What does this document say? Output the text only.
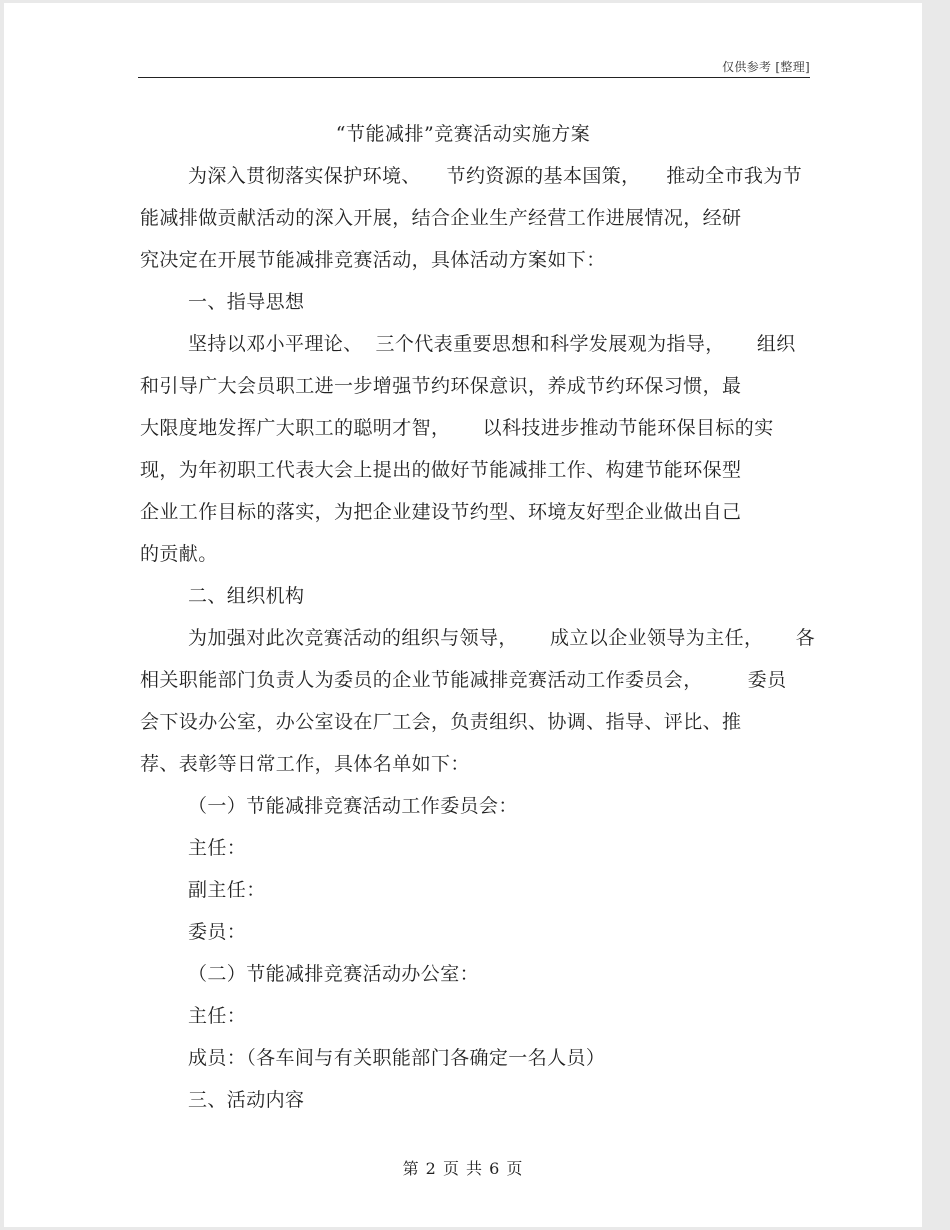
仅供参考 [整理]
“节能减排”竞赛活动实施方案
为深入贯彻落实保护环境、    节约资源的基本国策，    推动全市我为节
能减排做贡献活动的深入开展，结合企业生产经营工作进展情况，经研
究决定在开展节能减排竞赛活动，具体活动方案如下：
一、指导思想
坚持以邓小平理论、  三个代表重要思想和科学发展观为指导，     组织
和引导广大会员职工进一步增强节约环保意识，养成节约环保习惯，最
大限度地发挥广大职工的聪明才智，     以科技进步推动节能环保目标的实
现，为年初职工代表大会上提出的做好节能减排工作、构建节能环保型
企业工作目标的落实，为把企业建设节约型、环境友好型企业做出自己
的贡献。
二、组织机构
为加强对此次竞赛活动的组织与领导，     成立以企业领导为主任，     各
相关职能部门负责人为委员的企业节能减排竞赛活动工作委员会，       委员
会下设办公室，办公室设在厂工会，负责组织、协调、指导、评比、推
荐、表彰等日常工作，具体名单如下：
（一）节能减排竞赛活动工作委员会：
主任：
副主任：
委员：
（二）节能减排竞赛活动办公室：
主任：
成员：（各车间与有关职能部门各确定一名人员）
三、活动内容
第 2 页 共 6 页
